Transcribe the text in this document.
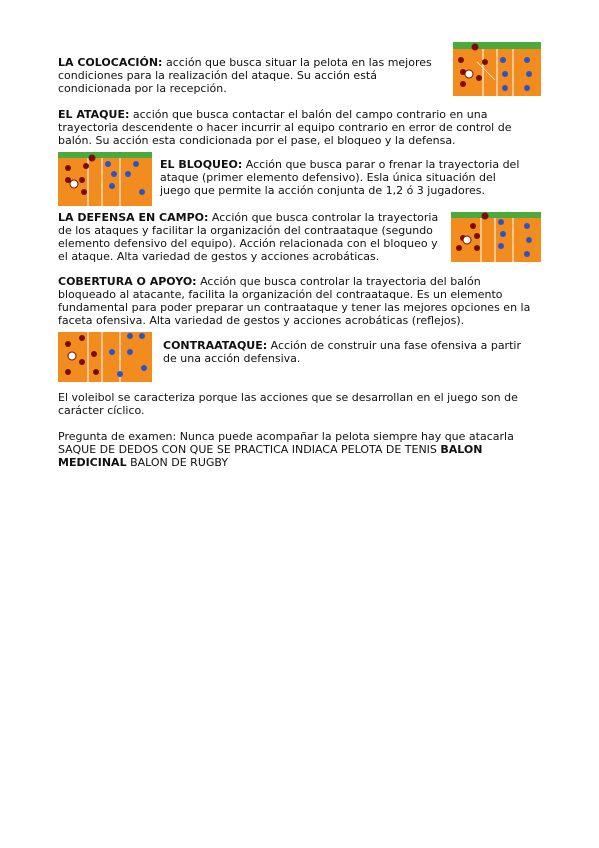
LA COLOCACIÓN: acción que busca situar la pelota en las mejores condiciones para la realización del ataque. Su acción está condicionada por la recepción.

EL ATAQUE: acción que busca contactar el balón del campo contrario en una trayectoria descendente o hacer incurrir al equipo contrario en error de control de balón. Su acción esta condicionada por el pase, el bloqueo y la defensa.

EL BLOQUEO: Acción que busca parar o frenar la trayectoria del ataque (primer elemento defensivo). Esla única situación del juego que permite la acción conjunta de 1,2 ó 3 jugadores.

LA DEFENSA EN CAMPO: Acción que busca controlar la trayectoria de los ataques y facilitar la organización del contraataque (segundo elemento defensivo del equipo). Acción relacionada con el bloqueo y el ataque. Alta variedad de gestos y acciones acrobáticas.

COBERTURA O APOYO: Acción que busca controlar la trayectoria del balón bloqueado al atacante, facilita la organización del contraataque. Es un elemento fundamental para poder preparar un contraataque y tener las mejores opciones en la faceta ofensiva. Alta variedad de gestos y acciones acrobáticas (reflejos).

CONTRAATAQUE: Acción de construir una fase ofensiva a partir de una acción defensiva.

El voleibol se caracteriza porque las acciones que se desarrollan en el juego son de carácter cíclico.

Pregunta de examen: Nunca puede acompañar la pelota siempre hay que atacarla SAQUE DE DEDOS CON QUE SE PRACTICA INDIACA PELOTA DE TENIS BALON MEDICINAL BALON DE RUGBY
